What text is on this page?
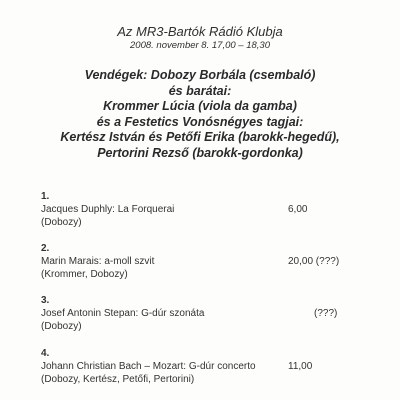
Az MR3-Bartók Rádió Klubja
2008. november 8. 17,00 – 18,30
Vendégek: Dobozy Borbála (csembaló)
és barátai:
Krommer Lúcia (viola da gamba)
és a Festetics Vonósnégyes tagjai:
Kertész István és Petőfi Erika (barokk-hegedű),
Pertorini Rezső (barokk-gordonka)
1.
Jacques Duphly: La Forquerai	6,00
(Dobozy)
2.
Marin Marais: a-moll szvit	20,00 (???)
(Krommer, Dobozy)
3.
Josef Antonin Stepan: G-dúr szonáta	(???)
(Dobozy)
4.
Johann Christian Bach – Mozart: G-dúr concerto	11,00
(Dobozy, Kertész, Petőfi, Pertorini)
